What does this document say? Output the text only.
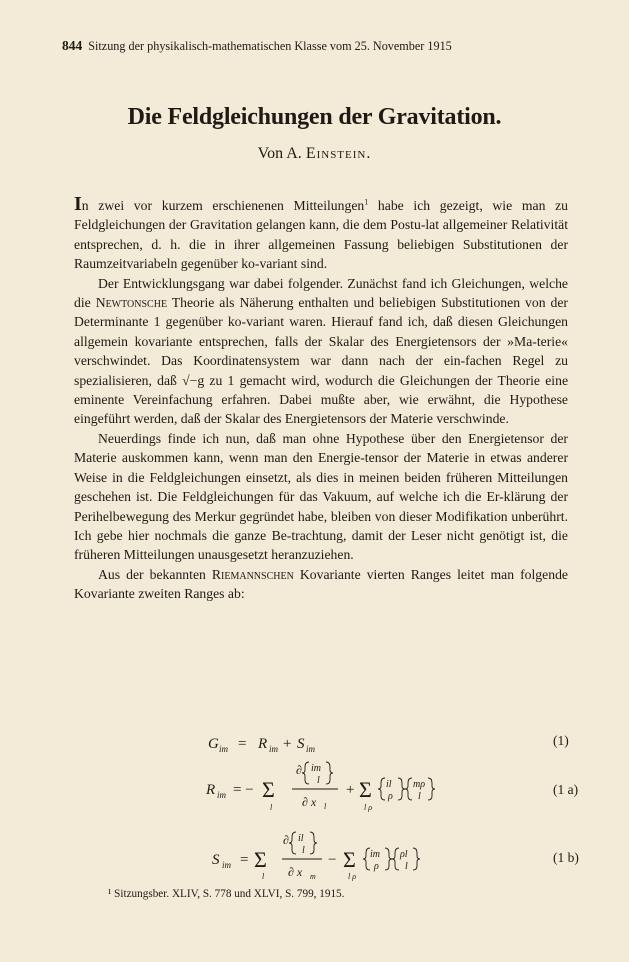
844 Sitzung der physikalisch-mathematischen Klasse vom 25. November 1915
Die Feldgleichungen der Gravitation.
Von A. Einstein.

In zwei vor kurzem erschienenen Mitteilungen$^1$ habe ich gezeigt, wie man zu Feldgleichungen der Gravitation gelangen kann, die dem Postu-lat allgemeiner Relativität entsprechen, d. h. die in ihrer allgemeinen Fassung beliebigen Substitutionen der Raumzeitvariabeln gegenüber ko-variant sind.

Der Entwicklungsgang war dabei folgender. Zunächst fand ich Gleichungen, welche die Newtonsche Theorie als Näherung enthalten und beliebigen Substitutionen von der Determinante 1 gegenüber ko-variant waren. Hierauf fand ich, daß diesen Gleichungen allgemein kovariante entsprechen, falls der Skalar des Energietensors der »Ma-terie« verschwindet. Das Koordinatensystem war dann nach der ein-fachen Regel zu spezialisieren, daß √−g zu 1 gemacht wird, wodurch die Gleichungen der Theorie eine eminente Vereinfachung erfahren. Dabei mußte aber, wie erwähnt, die Hypothese eingeführt werden, daß der Skalar des Energietensors der Materie verschwinde.

Neuerdings finde ich nun, daß man ohne Hypothese über den Energietensor der Materie auskommen kann, wenn man den Energie-tensor der Materie in etwas anderer Weise in die Feldgleichungen einsetzt, als dies in meinen beiden früheren Mitteilungen geschehen ist. Die Feldgleichungen für das Vakuum, auf welche ich die Er-klärung der Perihelbewegung des Merkur gegründet habe, bleiben von dieser Modifikation unberührt. Ich gebe hier nochmals die ganze Be-trachtung, damit der Leser nicht genötigt ist, die früheren Mitteilungen unausgesetzt heranzuziehen.

Aus der bekannten Riemannschen Kovariante vierten Ranges leitet man folgende Kovariante zweiten Ranges ab:

G im = R im + S im
(1)
R im = − Σ
l
∂ im
l
∂ x l
+ Σ
l ρ
il
ρ
mρ
l	(1 a)
S im = Σ
l
∂ il
l
∂ x m
− Σ
l ρ
im
ρ
ρl
l
(1 b)
¹ Sitzungsber. XLIV, S. 778 und XLVI, S. 799, 1915.
